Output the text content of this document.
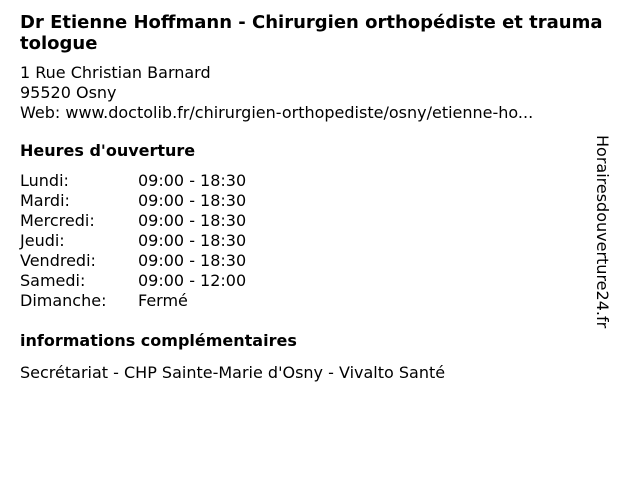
Dr Etienne Hoffmann - Chirurgien orthopédiste et traumatologue
1 Rue Christian Barnard
95520 Osny
Web: www.doctolib.fr/chirurgien-orthopediste/osny/etienne-ho...
Heures d'ouverture
Lundi:	09:00 - 18:30
Mardi:	09:00 - 18:30
Mercredi:	09:00 - 18:30
Jeudi:	09:00 - 18:30
Vendredi:	09:00 - 18:30
Samedi:	09:00 - 12:00
Dimanche:	Fermé
informations complémentaires
Secrétariat - CHP Sainte-Marie d'Osny - Vivalto Santé
Horairesdouverture24.fr
